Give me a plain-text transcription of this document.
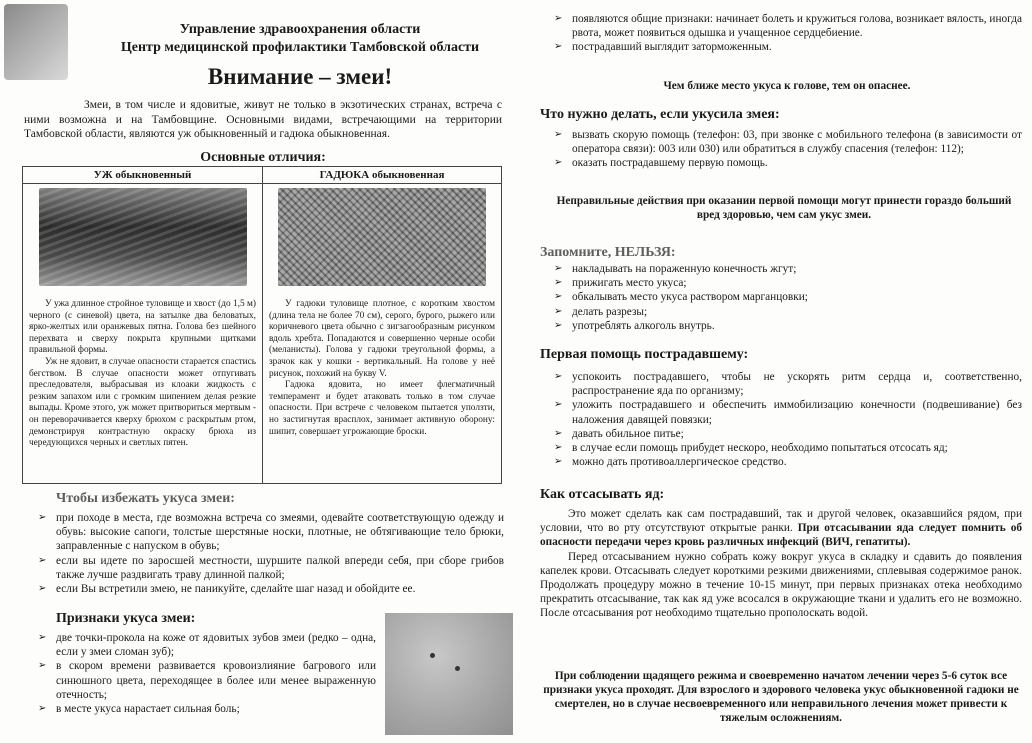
Управление здравоохранения области
Центр медицинской профилактики Тамбовской области
Внимание – змеи!
Змеи, в том числе и ядовитые, живут не только в экзотических странах, встреча с ними возможна и на Тамбовщине. Основными видами, встречающими на территории Тамбовской области, являются уж обыкновенный и гадюка обыкновенная.
Основные отличия:
УЖ обыкновенный

У ужа длинное стройное туловище и хвост (до 1,5 м) черного (с синевой) цвета, на затылке два беловатых, ярко-желтых или оранжевых пятна. Голова без шейного перехвата и сверху покрыта крупными щитками правильной формы.

Уж не ядовит, в случае опасности старается спастись бегством. В случае опасности может отпугивать преследователя, выбрасывая из клоаки жидкость с резким запахом или с громким шипением делая резкие выпады. Кроме этого, уж может притвориться мертвым - он переворачивается кверху брюхом с раскрытым ртом, демонстрируя контрастную окраску брюха из чередующихся черных и светлых пятен.

ГАДЮКА обыкновенная

У гадюки туловище плотное, с коротким хвостом (длина тела не более 70 см), серого, бурого, рыжего или коричневого цвета обычно с зигзагообразным рисунком вдоль хребта. Попадаются и совершенно черные особи (меланисты). Голова у гадюки треугольной формы, а зрачок как у кошки - вертикальный. На голове у неё рисунок, похожий на букву V.

Гадюка ядовита, но имеет флегматичный темперамент и будет атаковать только в том случае опасности. При встрече с человеком пытается уползти, но застигнутая врасплох, занимает активную оборону: шипит, совершает угрожающие броски.

Чтобы избежать укуса змеи:
➢ при походе в места, где возможна встреча со змеями, одевайте соответствующую одежду и обувь: высокие сапоги, толстые шерстяные носки, плотные, не обтягивающие тело брюки, заправленные с напуском в обувь;
➢ если вы идете по заросшей местности, шуршите палкой впереди себя, при сборе грибов также лучше раздвигать траву длинной палкой;
➢ если Вы встретили змею, не паникуйте, сделайте шаг назад и обойдите ее.
Признаки укуса змеи:
➢ две точки-прокола на коже от ядовитых зубов змеи (редко – одна, если у змеи сломан зуб);
➢ в скором времени развивается кровоизлияние багрового или синюшного цвета, переходящее в более или менее выраженную отечность;
➢ в месте укуса нарастает сильная боль;
➢ появляются общие признаки: начинает болеть и кружиться голова, возникает вялость, иногда рвота, может появиться одышка и учащенное сердцебиение.
➢ пострадавший выглядит заторможенным.
Чем ближе место укуса к голове, тем он опаснее.
Что нужно делать, если укусила змея:
➢ вызвать скорую помощь (телефон: 03, при звонке с мобильного телефона (в зависимости от оператора связи): 003 или 030) или обратиться в службу спасения (телефон: 112);
➢ оказать пострадавшему первую помощь.
Неправильные действия при оказании первой помощи могут принести гораздо больший вред здоровью, чем сам укус змеи.
Запомните, НЕЛЬЗЯ:
➢ накладывать на пораженную конечность жгут;
➢ прижигать место укуса;
➢ обкалывать место укуса раствором марганцовки;
➢ делать разрезы;
➢ употреблять алкоголь внутрь.
Первая помощь пострадавшему:
➢ успокоить пострадавшего, чтобы не ускорять ритм сердца и, соответственно, распространение яда по организму;
➢ уложить пострадавшего и обеспечить иммобилизацию конечности (подвешивание) без наложения давящей повязки;
➢ давать обильное питье;
➢ в случае если помощь прибудет нескоро, необходимо попытаться отсосать яд;
➢ можно дать противоаллергическое средство.
Как отсасывать яд:

Это может сделать как сам пострадавший, так и другой человек, оказавшийся рядом, при условии, что во рту отсутствуют открытые ранки. При отсасывании яда следует помнить об опасности передачи через кровь различных инфекций (ВИЧ, гепатиты).

Перед отсасыванием нужно собрать кожу вокруг укуса в складку и сдавить до появления капелек крови. Отсасывать следует короткими резкими движениями, сплевывая содержимое ранок. Продолжать процедуру можно в течение 10-15 минут, при первых признаках отека необходимо прекратить отсасывание, так как яд уже всосался в окружающие ткани и удалить его не возможно. После отсасывания рот необходимо тщательно прополоскать водой.

При соблюдении щадящего режима и своевременно начатом лечении через 5-6 суток все признаки укуса проходят. Для взрослого и здорового человека укус обыкновенной гадюки не смертелен, но в случае несвоевременного или неправильного лечения может привести к тяжелым осложнениям.
